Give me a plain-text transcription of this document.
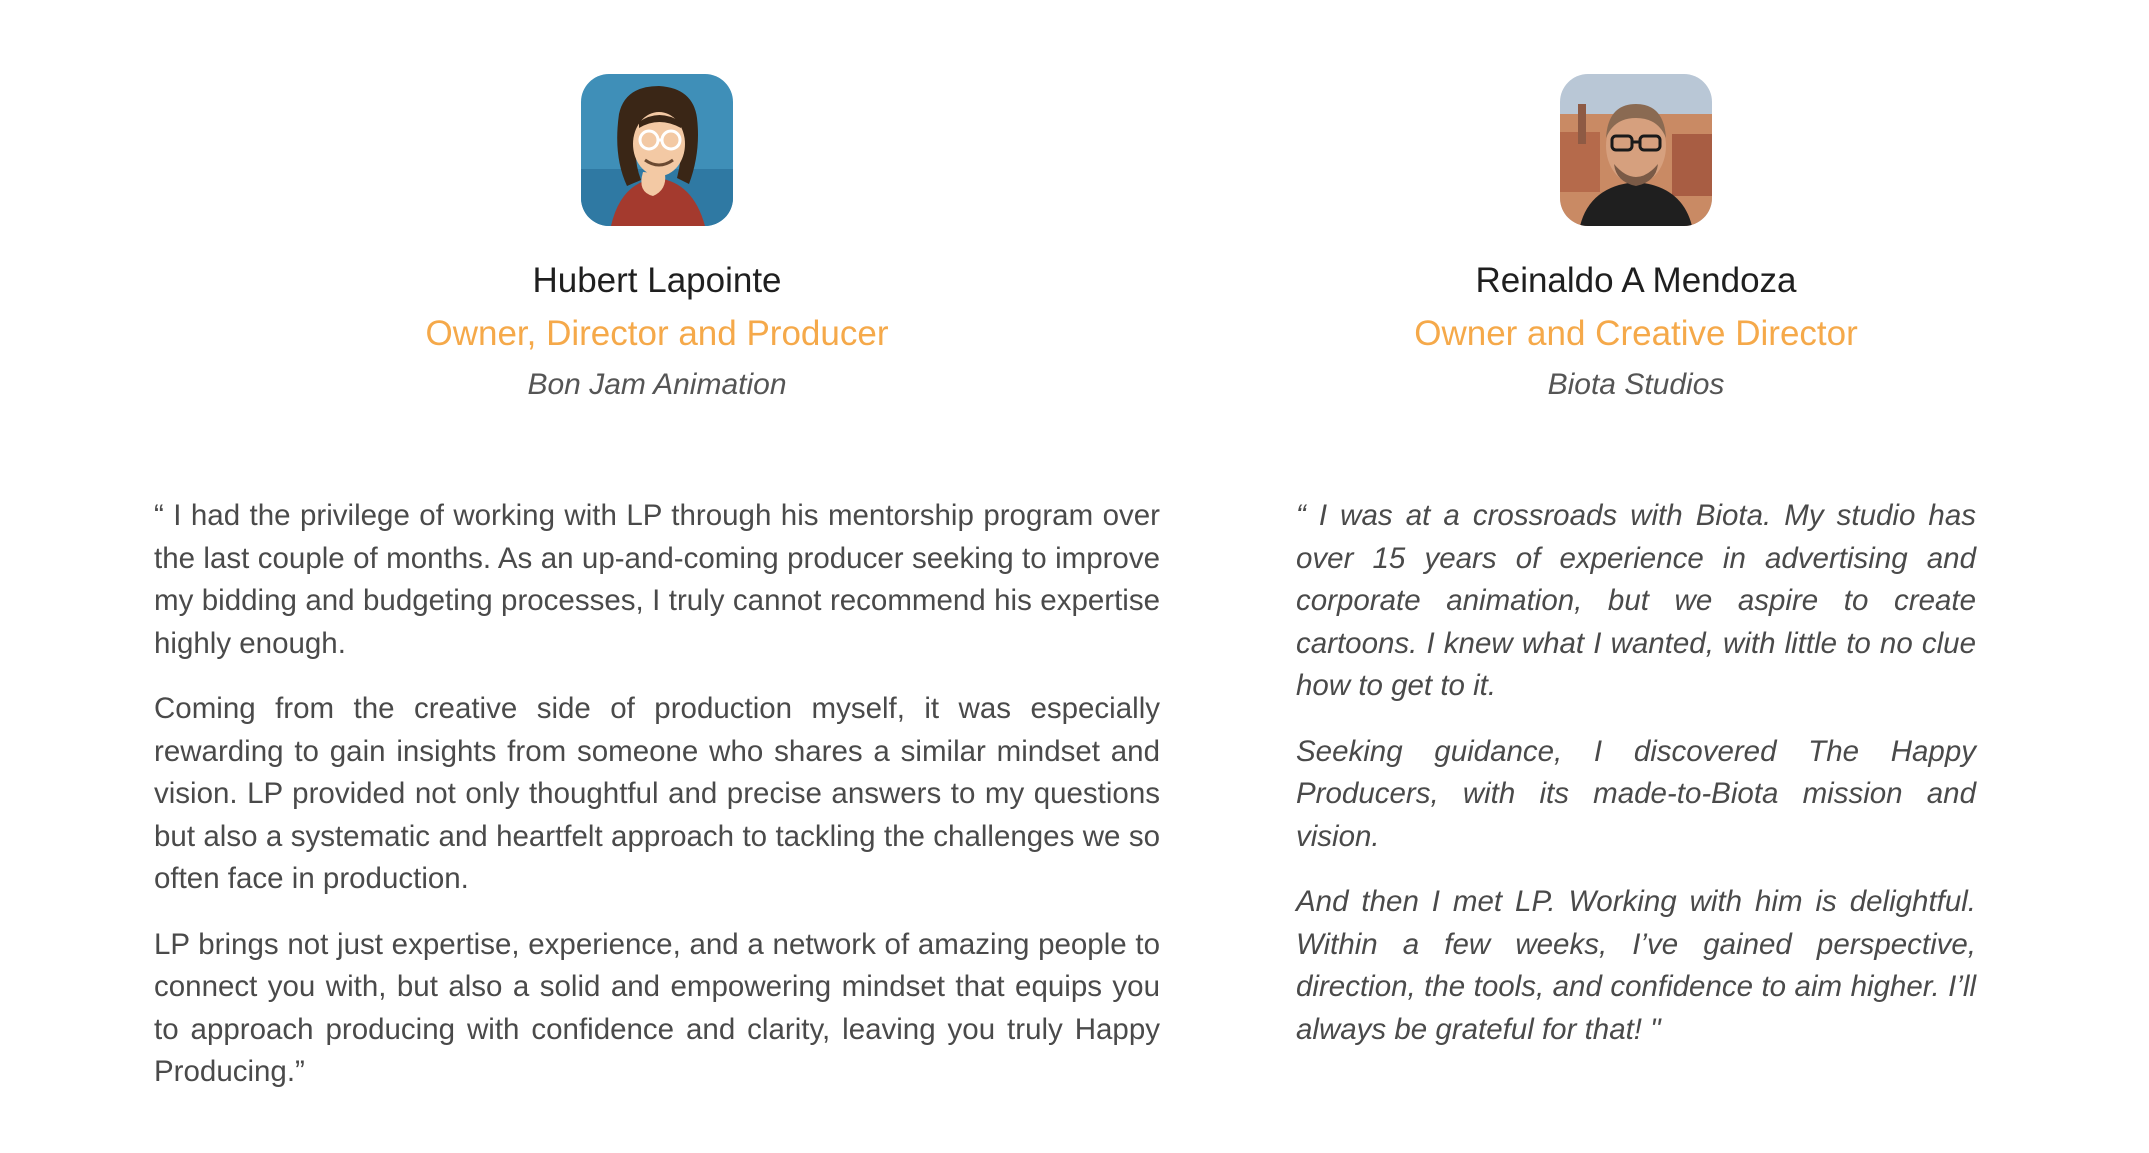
Hubert Lapointe
Owner, Director and Producer
Bon Jam Animation

“ I had the privilege of working with LP through his mentorship program over the last couple of months. As an up-and-coming producer seeking to improve my bidding and budgeting processes, I truly cannot recommend his expertise highly enough.

Coming from the creative side of production myself, it was especially rewarding to gain insights from someone who shares a similar mindset and vision. LP provided not only thoughtful and precise answers to my questions but also a systematic and heartfelt approach to tackling the challenges we so often face in production.

LP brings not just expertise, experience, and a network of amazing people to connect you with, but also a solid and empowering mindset that equips you to approach producing with confidence and clarity, leaving you truly Happy Producing.”

Reinaldo A Mendoza
Owner and Creative Director
Biota Studios

“ I was at a crossroads with Biota. My studio has over 15 years of experience in advertising and corporate animation, but we aspire to create cartoons. I knew what I wanted, with little to no clue how to get to it.

Seeking guidance, I discovered The Happy Producers, with its made-to-Biota mission and vision.

And then I met LP. Working with him is delightful. Within a few weeks, I’ve gained perspective, direction, the tools, and confidence to aim higher. I’ll always be grateful for that! "
